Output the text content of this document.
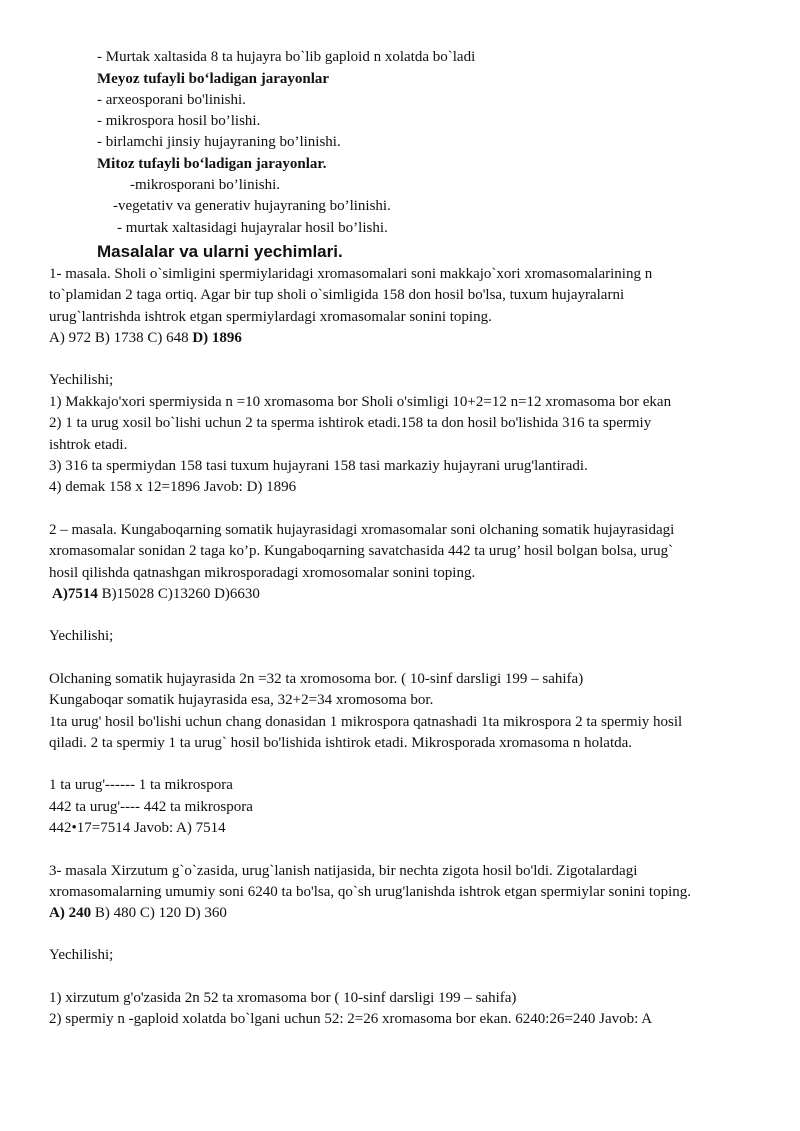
- Murtak xaltasida 8 ta hujayra bo`lib gaploid n xolatda bo`ladi
Meyoz tufayli bo‘ladigan jarayonlar
- arxeosporani bo'linishi.
- mikrospora hosil bo’lishi.
- birlamchi jinsiy hujayraning bo’linishi.
Mitoz tufayli bo‘ladigan jarayonlar.
-mikrosporani bo’linishi.
-vegetativ va generativ hujayraning bo’linishi.
- murtak xaltasidagi hujayralar hosil bo’lishi.
Masalalar va ularni yechimlari.
1- masala. Sholi o`simligini spermiylaridagi xromasomalari soni makkajo`xori xromasomalarining n
to`plamidan 2 taga ortiq. Agar bir tup sholi o`simligida 158 don hosil bo'lsa, tuxum hujayralarni
urug`lantrishda ishtrok etgan spermiylardagi xromasomalar sonini toping.
A) 972 B) 1738 C) 648 D) 1896
Yechilishi;
1) Makkajo'xori spermiysida n =10 xromasoma bor Sholi o'simligi 10+2=12 n=12 xromasoma bor ekan
2) 1 ta urug xosil bo`lishi uchun 2 ta sperma ishtirok etadi.158 ta don hosil bo'lishida 316 ta spermiy
ishtrok etadi.
3) 316 ta spermiydan 158 tasi tuxum hujayrani 158 tasi markaziy hujayrani urug'lantiradi.
4) demak 158 x 12=1896 Javob: D) 1896
2 – masala. Kungaboqarning somatik hujayrasidagi xromasomalar soni olchaning somatik hujayrasidagi
xromasomalar sonidan 2 taga ko’p. Kungaboqarning savatchasida 442 ta urug’ hosil bolgan bolsa, urug`
hosil qilishda qatnashgan mikrosporadagi xromosomalar sonini toping.
A)7514 B)15028 C)13260 D)6630
Yechilishi;
Olchaning somatik hujayrasida 2n =32 ta xromosoma bor. ( 10-sinf darsligi 199 – sahifa)
Kungaboqar somatik hujayrasida esa, 32+2=34 xromosoma bor.
1ta urug' hosil bo'lishi uchun chang donasidan 1 mikrospora qatnashadi 1ta mikrospora 2 ta spermiy hosil
qiladi. 2 ta spermiy 1 ta urug` hosil bo'lishida ishtirok etadi. Mikrosporada xromasoma n holatda.
1 ta urug'------ 1 ta mikrospora
442 ta urug'---- 442 ta mikrospora
442•17=7514 Javob: A) 7514
3- masala Xirzutum g`o`zasida, urug`lanish natijasida, bir nechta zigota hosil bo'ldi. Zigotalardagi
xromasomalarning umumiy soni 6240 ta bo'lsa, qo`sh urug'lanishda ishtrok etgan spermiylar sonini toping.
A) 240 B) 480 C) 120 D) 360
Yechilishi;
1) xirzutum g'o'zasida 2n 52 ta xromasoma bor ( 10-sinf darsligi 199 – sahifa)
2) spermiy n -gaploid xolatda bo`lgani uchun 52: 2=26 xromasoma bor ekan. 6240:26=240 Javob: A
